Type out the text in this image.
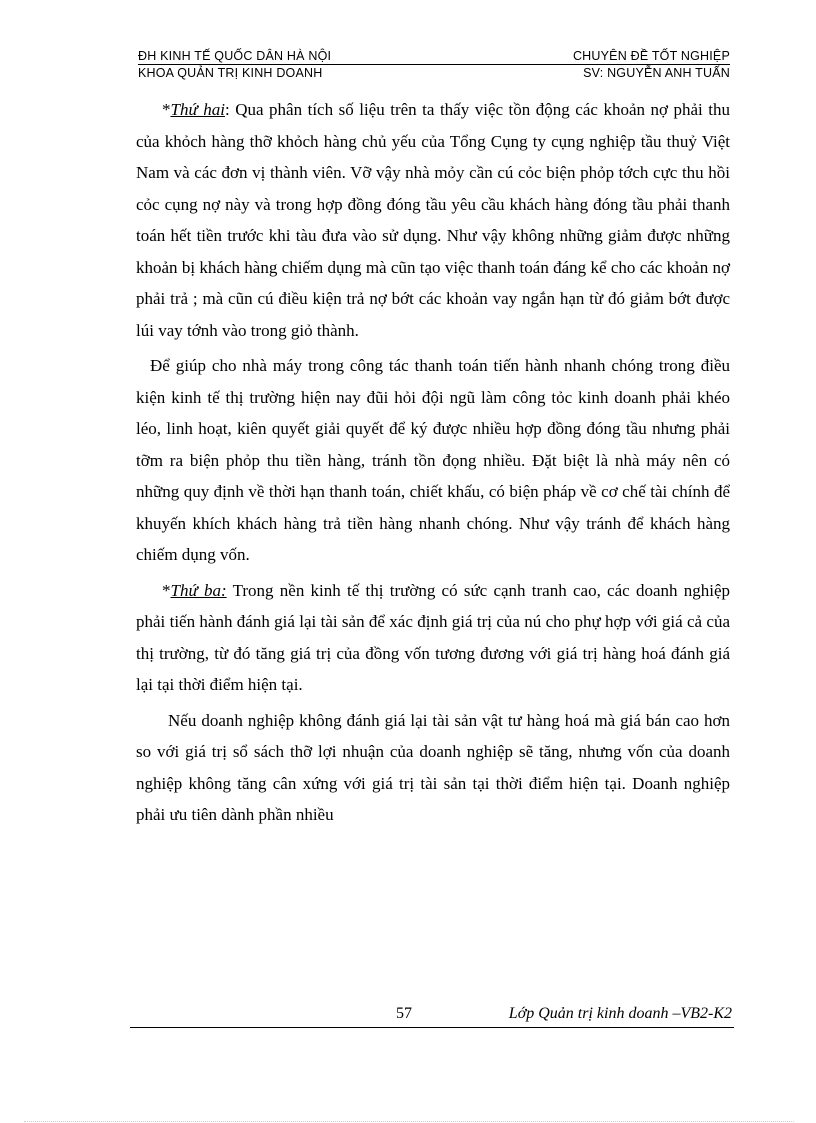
ĐH KINH TẾ QUỐC DÂN HÀ NỘI	CHUYÊN ĐỀ TỐT NGHIỆP
KHOA QUẢN TRỊ KINH DOANH	SV: NGUYỄN ANH TUẤN

*Thứ hai: Qua phân tích số liệu trên ta thấy việc tồn động các khoản nợ phải thu của khỏch hàng thỡ khỏch hàng chủ yếu của Tổng Cụng ty cụng nghiệp tầu thuỷ Việt Nam và các đơn vị thành viên. Vỡ vậy nhà mỏy cần cú cỏc biện phỏp tớch cực thu hồi cỏc cụng nợ này và trong hợp đồng đóng tầu yêu cầu khách hàng đóng tầu phải thanh toán hết tiền trước khi tàu đưa vào sử dụng. Như vậy không những giảm được những khoản bị khách hàng chiếm dụng mà cũn tạo việc thanh toán đáng kể cho các khoản nợ phải trả ; mà cũn cú điều kiện trả nợ bớt các khoản vay ngắn hạn từ đó giảm bớt được lúi vay tớnh vào trong giỏ thành.

Để giúp cho nhà máy trong công tác thanh toán tiến hành nhanh chóng trong điều kiện kinh tế thị trường hiện nay đũi hỏi đội ngũ làm công tỏc kinh doanh phải khéo léo, linh hoạt, kiên quyết giải quyết để ký được nhiều hợp đồng đóng tầu nhưng phải tỡm ra biện phỏp thu tiền hàng, tránh tồn đọng nhiều. Đặt biệt là nhà máy nên có những quy định về thời hạn thanh toán, chiết khấu, có biện pháp về cơ chế tài chính để khuyến khích khách hàng trả tiền hàng nhanh chóng. Như vậy tránh để khách hàng chiếm dụng vốn.

*Thứ ba: Trong nền kinh tế thị trường có sức cạnh tranh cao, các doanh nghiệp phải tiến hành đánh giá lại tài sản để xác định giá trị của nú cho phự hợp với giá cả của thị trường, từ đó tăng giá trị của đồng vốn tương đương với giá trị hàng hoá đánh giá lại tại thời điểm hiện tại.

Nếu doanh nghiệp không đánh giá lại tài sản vật tư hàng hoá mà giá bán cao hơn so với giá trị sổ sách thỡ lợi nhuận của doanh nghiệp sẽ tăng, nhưng vốn của doanh nghiệp không tăng cân xứng với giá trị tài sản tại thời điểm hiện tại. Doanh nghiệp phải ưu tiên dành phần nhiều

57	Lớp Quản trị kinh doanh –VB2-K2
